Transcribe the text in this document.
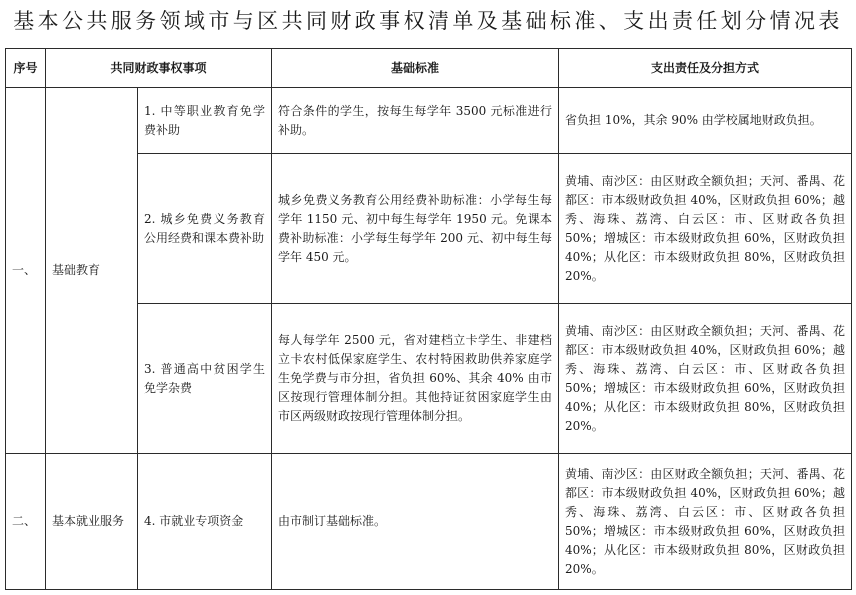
基本公共服务领域市与区共同财政事权清单及基础标准、支出责任划分情况表
序号	共同财政事权事项		基础标准	支出责任及分担方式
一、	基础教育	1. 中等职业教育免学费补助	符合条件的学生，按每生每学年 3500 元标准进行补助。	省负担 10%，其余 90% 由学校属地财政负担。
		2. 城乡免费义务教育公用经费和课本费补助	城乡免费义务教育公用经费补助标准：小学每生每学年 1150 元、初中每生每学年 1950 元。免课本费补助标准：小学每生每学年 200 元、初中每生每学年 450 元。	黄埔、南沙区：由区财政全额负担；天河、番禺、花都区：市本级财政负担 40%，区财政负担 60%；越秀、海珠、荔湾、白云区：市、区财政各负担 50%；增城区：市本级财政负担 60%，区财政负担 40%；从化区：市本级财政负担 80%，区财政负担 20%。
		3. 普通高中贫困学生免学杂费	每人每学年 2500 元，省对建档立卡学生、非建档立卡农村低保家庭学生、农村特困救助供养家庭学生免学费与市分担，省负担 60%、其余 40% 由市区按现行管理体制分担。其他持证贫困家庭学生由市区两级财政按现行管理体制分担。	黄埔、南沙区：由区财政全额负担；天河、番禺、花都区：市本级财政负担 40%，区财政负担 60%；越秀、海珠、荔湾、白云区：市、区财政各负担 50%；增城区：市本级财政负担 60%，区财政负担 40%；从化区：市本级财政负担 80%，区财政负担 20%。
二、	基本就业服务	4. 市就业专项资金	由市制订基础标准。	黄埔、南沙区：由区财政全额负担；天河、番禺、花都区：市本级财政负担 40%，区财政负担 60%；越秀、海珠、荔湾、白云区：市、区财政各负担 50%；增城区：市本级财政负担 60%，区财政负担 40%；从化区：市本级财政负担 80%，区财政负担 20%。
